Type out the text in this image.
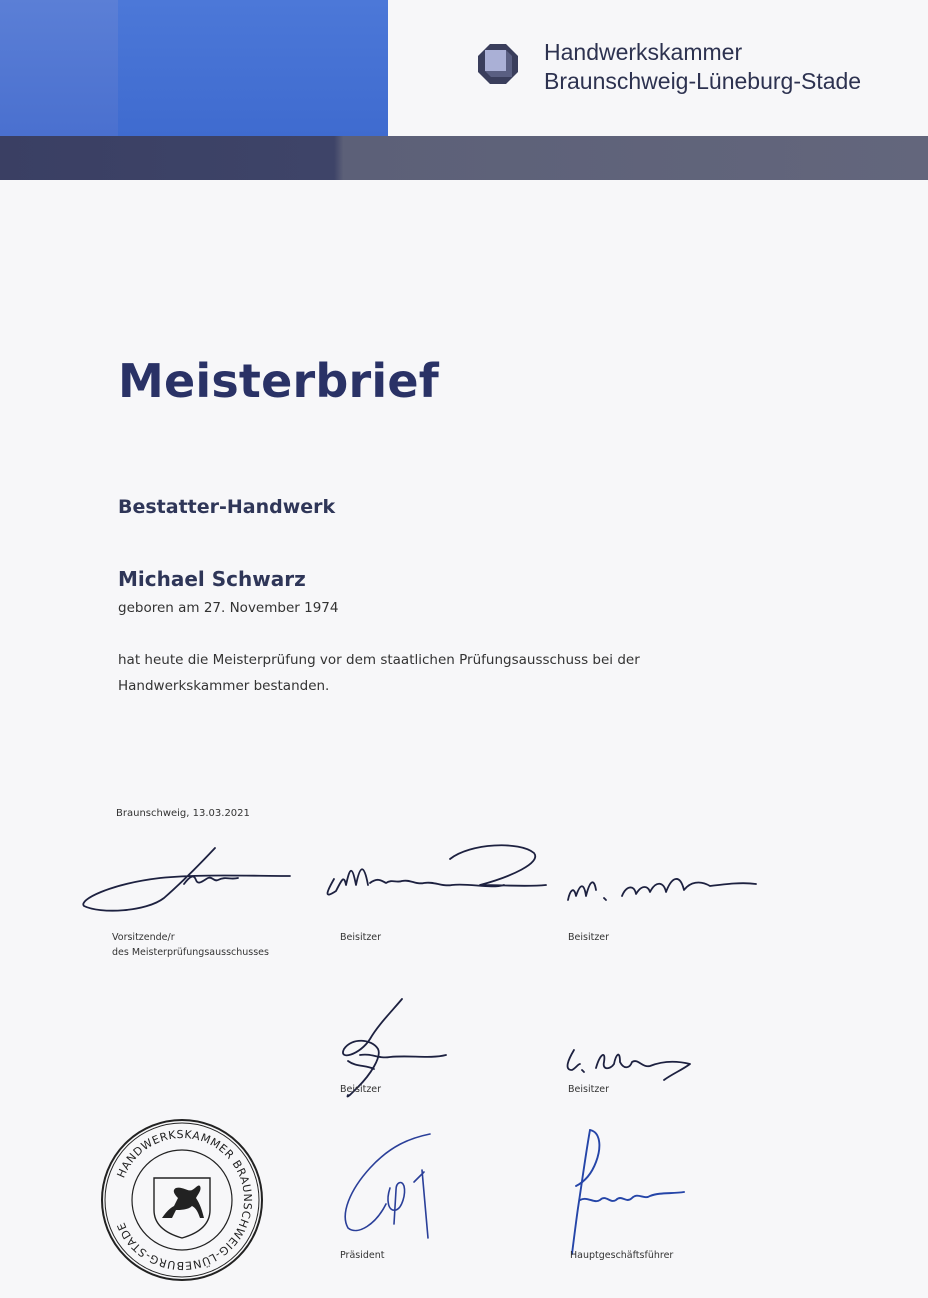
Handwerkskammer
Braunschweig-Lüneburg-Stade
Meisterbrief
Bestatter-Handwerk
Michael Schwarz
geboren am 27. November 1974
hat heute die Meisterprüfung vor dem staatlichen Prüfungsausschuss bei der Handwerkskammer bestanden.
Braunschweig, 13.03.2021
Vorsitzende/r
des Meisterprüfungsausschusses
Beisitzer	Beisitzer
Beisitzer	Beisitzer
HANDWERKSKAMMER BRAUNSCHWEIG-LÜNEBURG-STADE
Präsident	Hauptgeschäftsführer
